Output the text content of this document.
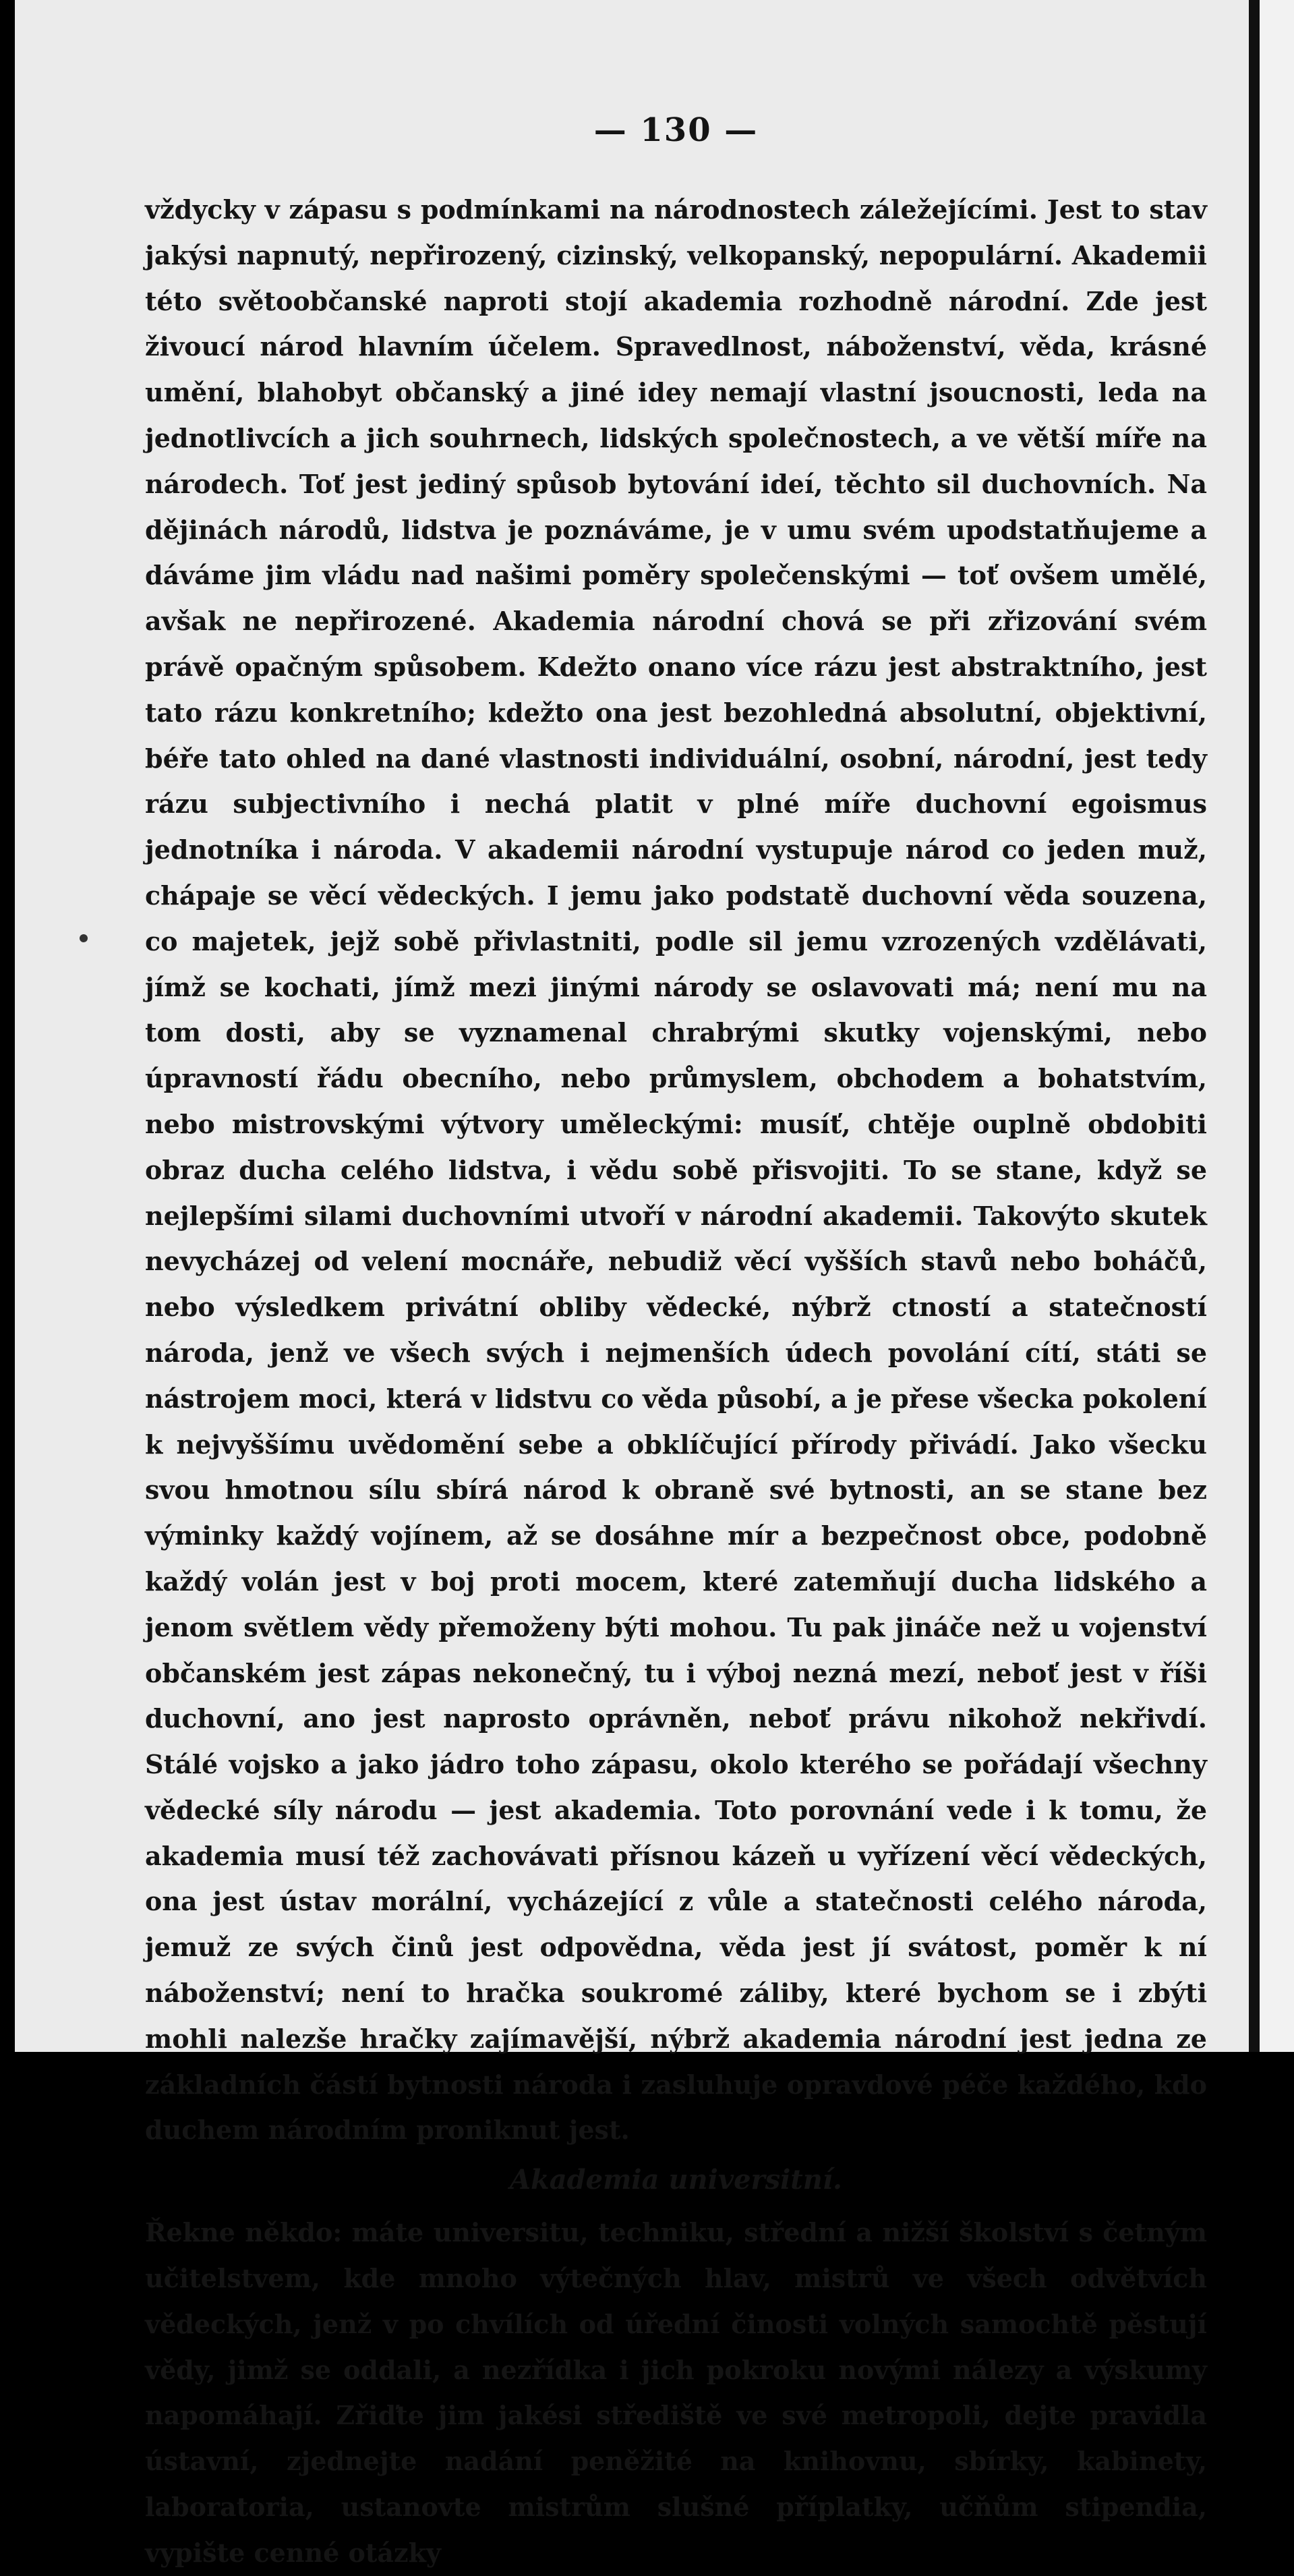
— 130 —

vždycky v zápasu s podmínkami na národnostech záležejícími. Jest to stav jakýsi napnutý, nepřirozený, cizinský, velkopanský, nepopulární. Akademii této světoobčanské naproti stojí akademia rozhodně národní. Zde jest živoucí národ hlavním účelem. Spravedlnost, náboženství, věda, krásné umění, blahobyt občanský a jiné idey nemají vlastní jsoucnosti, leda na jednotlivcích a jich souhrnech, lidských společnostech, a ve větší míře na národech. Toť jest jediný spůsob bytování ideí, těchto sil duchovních. Na dějinách národů, lidstva je poznáváme, je v umu svém upodstatňujeme a dáváme jim vládu nad našimi poměry společenskými — toť ovšem umělé, avšak ne nepřirozené. Akademia národní chová se při zřizování svém právě opačným spůsobem. Kdežto onano více rázu jest abstraktního, jest tato rázu konkretního; kdežto ona jest bezohledná absolutní, objektivní, béře tato ohled na dané vlastnosti individuální, osobní, národní, jest tedy rázu subjectivního i nechá platit v plné míře duchovní egoismus jednotníka i národa. V akademii národní vystupuje národ co jeden muž, chápaje se věcí vědeckých. I jemu jako podstatě duchovní věda souzena, co majetek, jejž sobě přivlastniti, podle sil jemu vzrozených vzdělávati, jímž se kochati, jímž mezi jinými národy se oslavovati má; není mu na tom dosti, aby se vyznamenal chrabrými skutky vojenskými, nebo úpravností řádu obecního, nebo průmyslem, obchodem a bohatstvím, nebo mistrovskými výtvory uměleckými: musíť, chtěje ouplně obdobiti obraz ducha celého lidstva, i vědu sobě přisvojiti. To se stane, když se nejlepšími silami duchovními utvoří v národní akademii. Takovýto skutek nevycházej od velení mocnáře, nebudiž věcí vyšších stavů nebo boháčů, nebo výsledkem privátní obliby vědecké, nýbrž ctností a statečností národa, jenž ve všech svých i nejmenších údech povolání cítí, státi se nástrojem moci, která v lidstvu co věda působí, a je přese všecka pokolení k nejvyššímu uvědomění sebe a obklíčující přírody přivádí. Jako všecku svou hmotnou sílu sbírá národ k obraně své bytnosti, an se stane bez výminky každý vojínem, až se dosáhne mír a bezpečnost obce, podobně každý volán jest v boj proti mocem, které zatemňují ducha lidského a jenom světlem vědy přemoženy býti mohou. Tu pak jináče než u vojenství občanském jest zápas nekonečný, tu i výboj nezná mezí, neboť jest v říši duchovní, ano jest naprosto oprávněn, neboť právu nikohož nekřivdí. Stálé vojsko a jako jádro toho zápasu, okolo kterého se pořádají všechny vědecké síly národu — jest akademia. Toto porovnání vede i k tomu, že akademia musí též zachovávati přísnou kázeň u vyřízení věcí vědeckých, ona jest ústav morální, vycházející z vůle a statečnosti celého národa, jemuž ze svých činů jest odpovědna, věda jest jí svátost, poměr k ní náboženství; není to hračka soukromé záliby, které bychom se i zbýti mohli nalezše hračky zajímavější, nýbrž akademia národní jest jedna ze základních částí bytnosti národa i zasluhuje opravdové péče každého, kdo duchem národním proniknut jest.

Akademia universitní.

Řekne někdo: máte universitu, techniku, střední a nižší školství s četným učitelstvem, kde mnoho výtečných hlav, mistrů ve všech odvětvích vědeckých, jenž v po chvílích od úřední činosti volných samochtě pěstují vědy, jimž se oddali, a nezřídka i jich pokroku novými nálezy a výskumy napomáhají. Zřiďte jim jakési střediště ve své metropoli, dejte pravidla ústavní, zjednejte nadání peněžité na knihovnu, sbírky, kabinety, laboratoria, ustanovte mistrům slušné příplatky, učňům stipendia, vypište cenné otázky
